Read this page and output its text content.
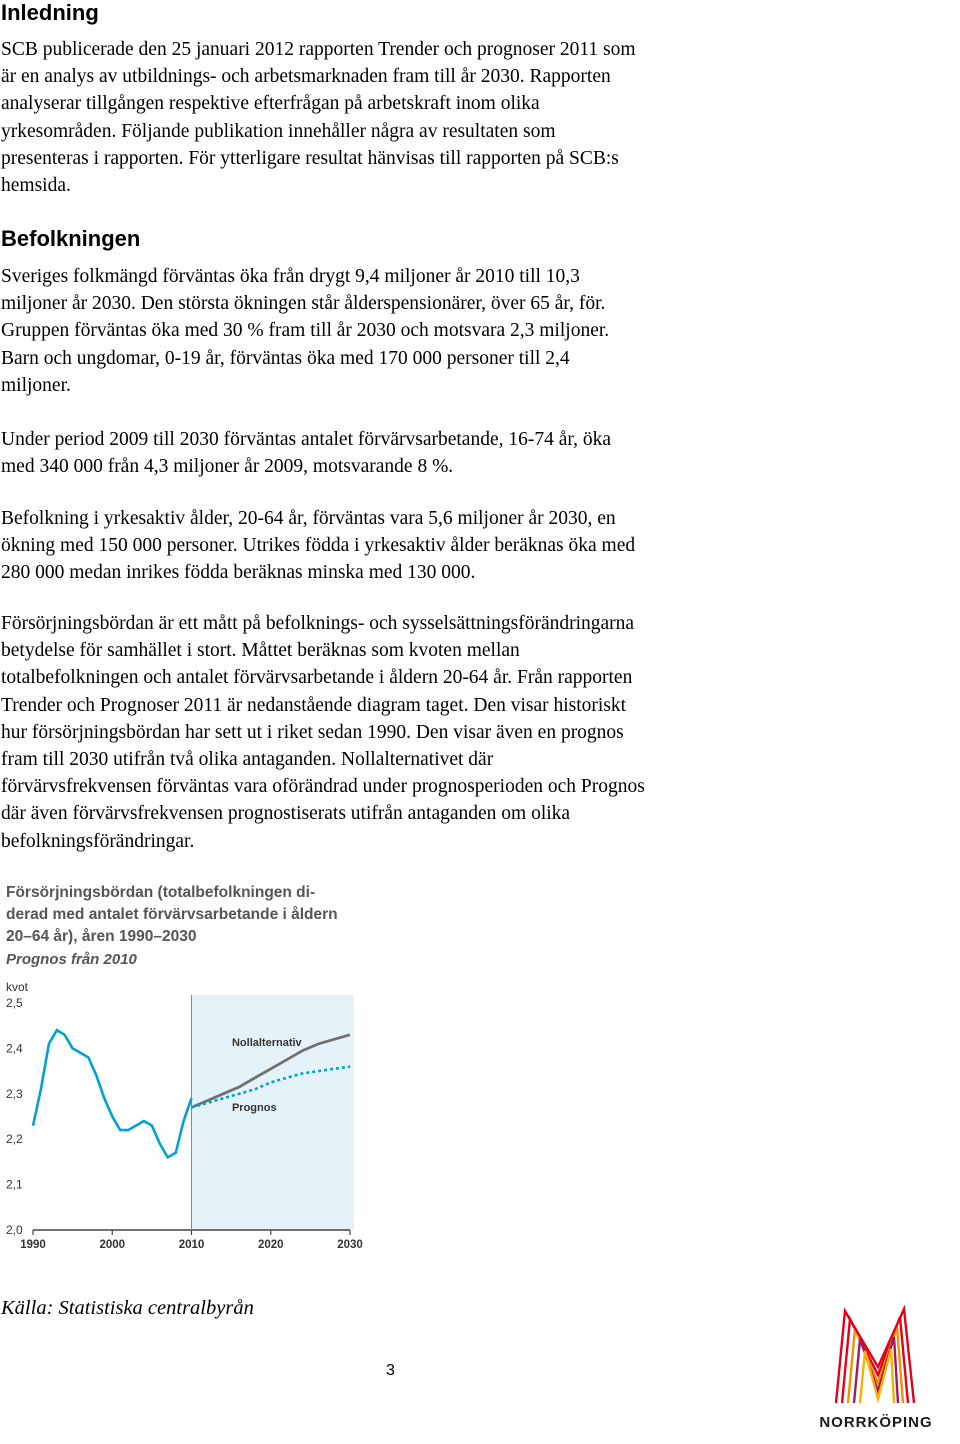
Inledning
SCB publicerade den 25 januari 2012 rapporten Trender och prognoser 2011 som
är en analys av utbildnings- och arbetsmarknaden fram till år 2030. Rapporten
analyserar tillgången respektive efterfrågan på arbetskraft inom olika
yrkesområden. Följande publikation innehåller några av resultaten som
presenteras i rapporten. För ytterligare resultat hänvisas till rapporten på SCB:s
hemsida.
Befolkningen
Sveriges folkmängd förväntas öka från drygt 9,4 miljoner år 2010 till 10,3
miljoner år 2030. Den största ökningen står ålderspensionärer, över 65 år, för.
Gruppen förväntas öka med 30 % fram till år 2030 och motsvara 2,3 miljoner.
Barn och ungdomar, 0-19 år, förväntas öka med 170 000 personer till 2,4
miljoner.
Under period 2009 till 2030 förväntas antalet förvärvsarbetande, 16-74 år, öka
med 340 000 från 4,3 miljoner år 2009, motsvarande 8 %.
Befolkning i yrkesaktiv ålder, 20-64 år, förväntas vara 5,6 miljoner år 2030, en
ökning med 150 000 personer. Utrikes födda i yrkesaktiv ålder beräknas öka med
280 000 medan inrikes födda beräknas minska med 130 000.
Försörjningsbördan är ett mått på befolknings- och sysselsättningsförändringarna
betydelse för samhället i stort. Måttet beräknas som kvoten mellan
totalbefolkningen och antalet förvärvsarbetande i åldern 20-64 år. Från rapporten
Trender och Prognoser 2011 är nedanstående diagram taget. Den visar historiskt
hur försörjningsbördan har sett ut i riket sedan 1990. Den visar även en prognos
fram till 2030 utifrån två olika antaganden. Nollalternativet där
förvärvsfrekvensen förväntas vara oförändrad under prognosperioden och Prognos
där även förvärvsfrekvensen prognostiserats utifrån antaganden om olika
befolkningsförändringar.
Försörjningsbördan (totalbefolkningen di-
derad med antalet förvärvsarbetande i åldern
20–64 år), åren 1990–2030
Prognos från 2010
kvot
2,0
2,1
2,2
2,3
2,4
2,5
1990	2000	2010	2020	2030
Nollalternativ
Prognos
Källa: Statistiska centralbyrån
3
NORRKÖPING
